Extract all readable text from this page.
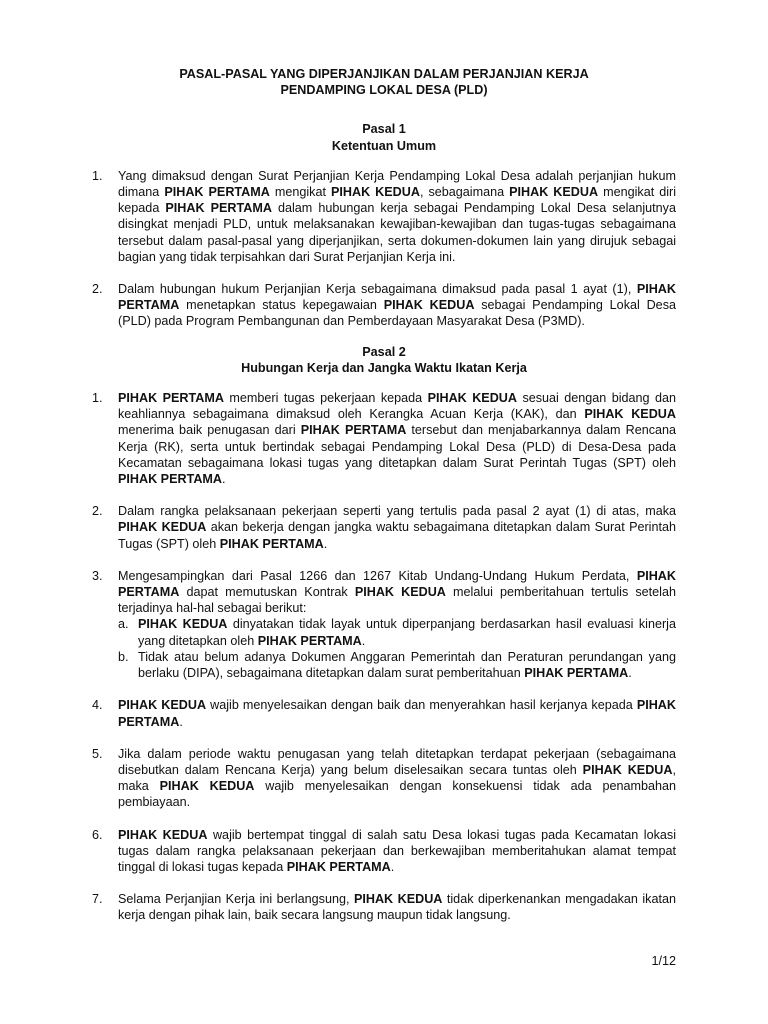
PASAL-PASAL YANG DIPERJANJIKAN DALAM PERJANJIAN KERJA
PENDAMPING LOKAL DESA (PLD)
Pasal 1
Ketentuan Umum
1.	Yang dimaksud dengan Surat Perjanjian Kerja Pendamping Lokal Desa adalah perjanjian hukum dimana PIHAK PERTAMA mengikat PIHAK KEDUA, sebagaimana PIHAK KEDUA mengikat diri kepada PIHAK PERTAMA dalam hubungan kerja sebagai Pendamping Lokal Desa selanjutnya disingkat menjadi PLD, untuk melaksanakan kewajiban-kewajiban dan tugas-tugas sebagaimana tersebut dalam pasal-pasal yang diperjanjikan, serta dokumen-dokumen lain yang dirujuk sebagai bagian yang tidak terpisahkan dari Surat Perjanjian Kerja ini.
2.	Dalam hubungan hukum Perjanjian Kerja sebagaimana dimaksud pada pasal 1 ayat (1), PIHAK PERTAMA menetapkan status kepegawaian PIHAK KEDUA sebagai Pendamping Lokal Desa (PLD) pada Program Pembangunan dan Pemberdayaan Masyarakat Desa (P3MD).
Pasal 2
Hubungan Kerja dan Jangka Waktu Ikatan Kerja
1.	PIHAK PERTAMA memberi tugas pekerjaan kepada PIHAK KEDUA sesuai dengan bidang dan keahliannya sebagaimana dimaksud oleh Kerangka Acuan Kerja (KAK), dan PIHAK KEDUA menerima baik penugasan dari PIHAK PERTAMA tersebut dan menjabarkannya dalam Rencana Kerja (RK), serta untuk bertindak sebagai Pendamping Lokal Desa (PLD) di Desa-Desa pada Kecamatan sebagaimana lokasi tugas yang ditetapkan dalam Surat Perintah Tugas (SPT) oleh PIHAK PERTAMA.
2.	Dalam rangka pelaksanaan pekerjaan seperti yang tertulis pada pasal 2 ayat (1) di atas, maka PIHAK KEDUA akan bekerja dengan jangka waktu sebagaimana ditetapkan dalam Surat Perintah Tugas (SPT) oleh PIHAK PERTAMA.
3.	Mengesampingkan dari Pasal 1266 dan 1267 Kitab Undang-Undang Hukum Perdata, PIHAK PERTAMA dapat memutuskan Kontrak PIHAK KEDUA melalui pemberitahuan tertulis setelah terjadinya hal-hal sebagai berikut:
a. PIHAK KEDUA dinyatakan tidak layak untuk diperpanjang berdasarkan hasil evaluasi kinerja yang ditetapkan oleh PIHAK PERTAMA.
b. Tidak atau belum adanya Dokumen Anggaran Pemerintah dan Peraturan perundangan yang berlaku (DIPA), sebagaimana ditetapkan dalam surat pemberitahuan PIHAK PERTAMA.
4.	PIHAK KEDUA wajib menyelesaikan dengan baik dan menyerahkan hasil kerjanya kepada PIHAK PERTAMA.
5.	Jika dalam periode waktu penugasan yang telah ditetapkan terdapat pekerjaan (sebagaimana disebutkan dalam Rencana Kerja) yang belum diselesaikan secara tuntas oleh PIHAK KEDUA, maka PIHAK KEDUA wajib menyelesaikan dengan konsekuensi tidak ada penambahan pembiayaan.
6.	PIHAK KEDUA wajib bertempat tinggal di salah satu Desa lokasi tugas pada Kecamatan lokasi tugas dalam rangka pelaksanaan pekerjaan dan berkewajiban memberitahukan alamat tempat tinggal di lokasi tugas kepada PIHAK PERTAMA.
7.	Selama Perjanjian Kerja ini berlangsung, PIHAK KEDUA tidak diperkenankan mengadakan ikatan kerja dengan pihak lain, baik secara langsung maupun tidak langsung.
1/12
